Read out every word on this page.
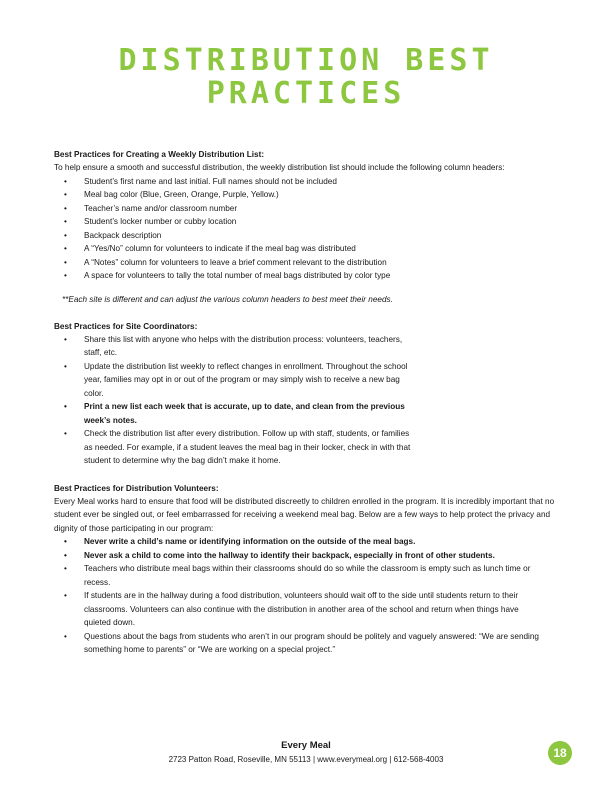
DISTRIBUTION BEST
PRACTICES
Best Practices for Creating a Weekly Distribution List:
To help ensure a smooth and successful distribution, the weekly distribution list should include the following column headers:
• Student’s first name and last initial. Full names should not be included
• Meal bag color (Blue, Green, Orange, Purple, Yellow.)
• Teacher’s name and/or classroom number
• Student’s locker number or cubby location
• Backpack description
• A “Yes/No” column for volunteers to indicate if the meal bag was distributed
• A “Notes” column for volunteers to leave a brief comment relevant to the distribution
• A space for volunteers to tally the total number of meal bags distributed by color type
**Each site is different and can adjust the various column headers to best meet their needs.
Best Practices for Site Coordinators:
• Share this list with anyone who helps with the distribution process: volunteers, teachers, staff, etc.
• Update the distribution list weekly to reflect changes in enrollment. Throughout the school year, families may opt in or out of the program or may simply wish to receive a new bag color.
• Print a new list each week that is accurate, up to date, and clean from the previous week’s notes.
• Check the distribution list after every distribution. Follow up with staff, students, or families as needed. For example, if a student leaves the meal bag in their locker, check in with that student to determine why the bag didn’t make it home.
Best Practices for Distribution Volunteers:
Every Meal works hard to ensure that food will be distributed discreetly to children enrolled in the program. It is incredibly important that no student ever be singled out, or feel embarrassed for receiving a weekend meal bag. Below are a few ways to help protect the privacy and dignity of those participating in our program:
• Never write a child’s name or identifying information on the outside of the meal bags.
• Never ask a child to come into the hallway to identify their backpack, especially in front of other students.
• Teachers who distribute meal bags within their classrooms should do so while the classroom is empty such as lunch time or recess.
• If students are in the hallway during a food distribution, volunteers should wait off to the side until students return to their classrooms. Volunteers can also continue with the distribution in another area of the school and return when things have quieted down.
• Questions about the bags from students who aren’t in our program should be politely and vaguely answered: “We are sending something home to parents” or “We are working on a special project.”
Every Meal
2723 Patton Road, Roseville, MN 55113 | www.everymeal.org | 612-568-4003	18
